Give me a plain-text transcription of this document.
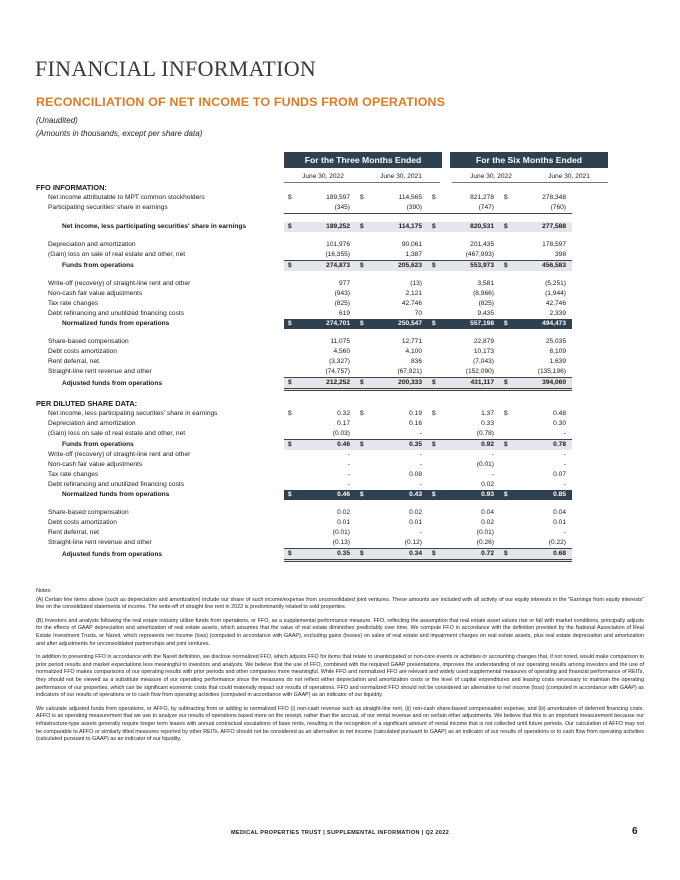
FINANCIAL INFORMATION
RECONCILIATION OF NET INCOME TO FUNDS FROM OPERATIONS
(Unaudited)
(Amounts in thousands, except per share data)
For the Three Months Ended	For the Six Months Ended
June 30, 2022	June 30, 2021	June 30, 2022	June 30, 2021
FFO INFORMATION:								
Net income attributable to MPT common stockholders	$	189,597	$	114,565	$	821,278	$	278,348
Participating securities' share in earnings		(345)		(390)		(747)		(760)

Net income, less participating securities' share in earnings	$	189,252	$	114,175	$	820,531	$	277,588

Depreciation and amortization		101,976		90,061		201,435		178,597
(Gain) loss on sale of real estate and other, net		(16,355)		1,387		(467,993)		398
Funds from operations	$	274,873	$	205,623	$	553,973	$	456,583

Write-off (recovery) of straight-line rent and other		977		(13)		3,581		(5,251)
Non-cash fair value adjustments		(943)		2,121		(8,966)		(1,944)
Tax rate changes		(825)		42,746		(825)		42,746
Debt refinancing and unutilized financing costs		619		70		9,435		2,339
Normalized funds from operations	$	274,701	$	250,547	$	557,198	$	494,473

Share-based compensation		11,075		12,771		22,879		25,035
Debt costs amortization		4,560		4,100		10,173		8,109
Rent deferral, net		(3,327)		836		(7,043)		1,639
Straight-line rent revenue and other		(74,757)		(67,921)		(152,090)		(135,196)
Adjusted funds from operations	$	212,252	$	200,333	$	431,117	$	394,060

PER DILUTED SHARE DATA:								
Net income, less participating securities' share in earnings	$	0.32	$	0.19	$	1.37	$	0.48
Depreciation and amortization		0.17		0.16		0.33		0.30
(Gain) loss on sale of real estate and other, net		(0.03)		-		(0.78)		-
Funds from operations	$	0.46	$	0.35	$	0.92	$	0.78
Write-off (recovery) of straight-line rent and other		-		-		-		-
Non-cash fair value adjustments		-		-		(0.01)		-
Tax rate changes		-		0.08		-		0.07
Debt refinancing and unutilized financing costs		-		-		0.02		-
Normalized funds from operations	$	0.46	$	0.43	$	0.93	$	0.85

Share-based compensation		0.02		0.02		0.04		0.04
Debt costs amortization		0.01		0.01		0.02		0.01
Rent deferral, net		(0.01)		-		(0.01)		-
Straight-line rent revenue and other		(0.13)		(0.12)		(0.26)		(0.22)
Adjusted funds from operations	$	0.35	$	0.34	$	0.72	$	0.68

Notes:

(A) Certain line items above (such as depreciation and amortization) include our share of such income/expense from unconsolidated joint ventures. These amounts are included with all activity of our equity interests in the "Earnings from equity interests" line on the consolidated statements of income. The write-off of straight line rent in 2022 is predominantly related to sold properties.

(B) Investors and analysts following the real estate industry utilize funds from operations, or FFO, as a supplemental performance measure. FFO, reflecting the assumption that real estate asset values rise or fall with market conditions, principally adjusts for the effects of GAAP depreciation and amortization of real estate assets, which assumes that the value of real estate diminishes predictably over time. We compute FFO in accordance with the definition provided by the National Association of Real Estate Investment Trusts, or Nareit, which represents net income (loss) (computed in accordance with GAAP), excluding gains (losses) on sales of real estate and impairment charges on real estate assets, plus real estate depreciation and amortization and after adjustments for unconsolidated partnerships and joint ventures.

In addition to presenting FFO in accordance with the Nareit definition, we disclose normalized FFO, which adjusts FFO for items that relate to unanticipated or non-core events or activities or accounting changes that, if not noted, would make comparison to prior period results and market expectations less meaningful to investors and analysts. We believe that the use of FFO, combined with the required GAAP presentations, improves the understanding of our operating results among investors and the use of normalized FFO makes comparisons of our operating results with prior periods and other companies more meaningful. While FFO and normalized FFO are relevant and widely used supplemental measures of operating and financial performance of REITs, they should not be viewed as a substitute measure of our operating performance since the measures do not reflect either depreciation and amortization costs or the level of capital expenditures and leasing costs necessary to maintain the operating performance of our properties, which can be significant economic costs that could materially impact our results of operations. FFO and normalized FFO should not be considered an alternative to net income (loss) (computed in accordance with GAAP) as indicators of our results of operations or to cash flow from operating activities (computed in accordance with GAAP) as an indicator of our liquidity.

We calculate adjusted funds from operations, or AFFO, by subtracting from or adding to normalized FFO (i) non-cash revenue such as straight-line rent, (ii) non-cash share-based compensation expense, and (iii) amortization of deferred financing costs. AFFO is an operating measurement that we use to analyze our results of operations based more on the receipt, rather than the accrual, of our rental revenue and on certain other adjustments. We believe that this is an important measurement because our infrastructure-type assets generally require longer term leases with annual contractual escalations of base rents, resulting in the recognition of a significant amount of rental income that is not collected until future periods. Our calculation of AFFO may not be comparable to AFFO or similarly titled measures reported by other REITs. AFFO should not be considered as an alternative to net income (calculated pursuant to GAAP) as an indicator of our results of operations or to cash flow from operating activities (calculated pursuant to GAAP) as an indicator of our liquidity.

MEDICAL PROPERTIES TRUST | SUPPLEMENTAL INFORMATION | Q2 2022	6
